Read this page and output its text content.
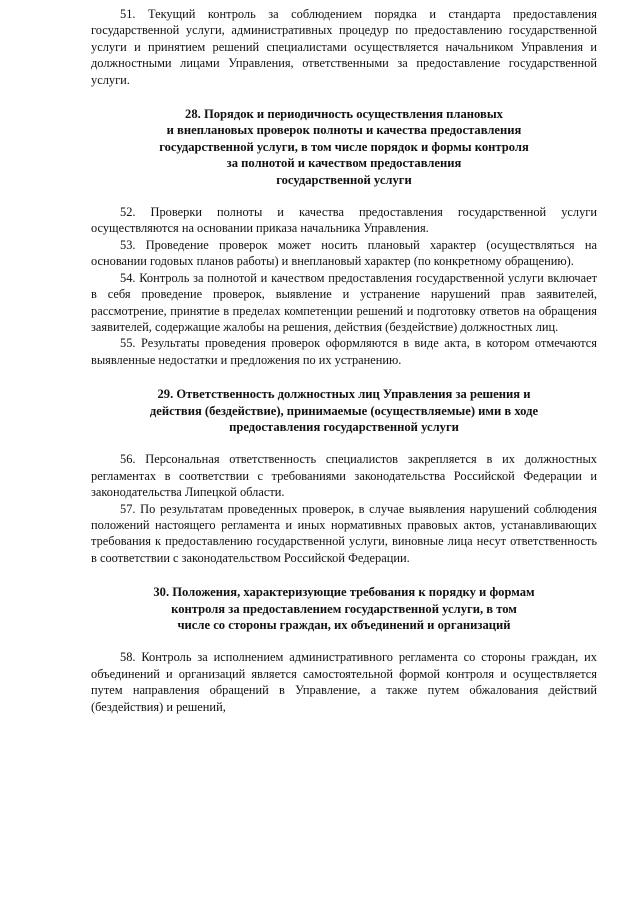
51. Текущий контроль за соблюдением порядка и стандарта предоставления государственной услуги, административных процедур по предоставлению государственной услуги и принятием решений специалистами осуществляется начальником Управления и должностными лицами Управления, ответственными за предоставление государственной услуги.

28. Порядок и периодичность осуществления плановых
и внеплановых проверок полноты и качества предоставления
государственной услуги, в том числе порядок и формы контроля
за полнотой и качеством предоставления
государственной услуги

52. Проверки полноты и качества предоставления государственной услуги осуществляются на основании приказа начальника Управления.

53. Проведение проверок может носить плановый характер (осуществляться на основании годовых планов работы) и внеплановый характер (по конкретному обращению).

54. Контроль за полнотой и качеством предоставления государственной услуги включает в себя проведение проверок, выявление и устранение нарушений прав заявителей, рассмотрение, принятие в пределах компетенции решений и подготовку ответов на обращения заявителей, содержащие жалобы на решения, действия (бездействие) должностных лиц.

55. Результаты проведения проверок оформляются в виде акта, в котором отмечаются выявленные недостатки и предложения по их устранению.

29. Ответственность должностных лиц Управления за решения и
действия (бездействие), принимаемые (осуществляемые) ими в ходе
предоставления государственной услуги

56. Персональная ответственность специалистов закрепляется в их должностных регламентах в соответствии с требованиями законодательства Российской Федерации и законодательства Липецкой области.

57. По результатам проведенных проверок, в случае выявления нарушений соблюдения положений настоящего регламента и иных нормативных правовых актов, устанавливающих требования к предоставлению государственной услуги, виновные лица несут ответственность в соответствии с законодательством Российской Федерации.

30. Положения, характеризующие требования к порядку и формам
контроля за предоставлением государственной услуги, в том
числе со стороны граждан, их объединений и организаций

58. Контроль за исполнением административного регламента со стороны граждан, их объединений и организаций является самостоятельной формой контроля и осуществляется путем направления обращений в Управление, а также путем обжалования действий (бездействия) и решений,
